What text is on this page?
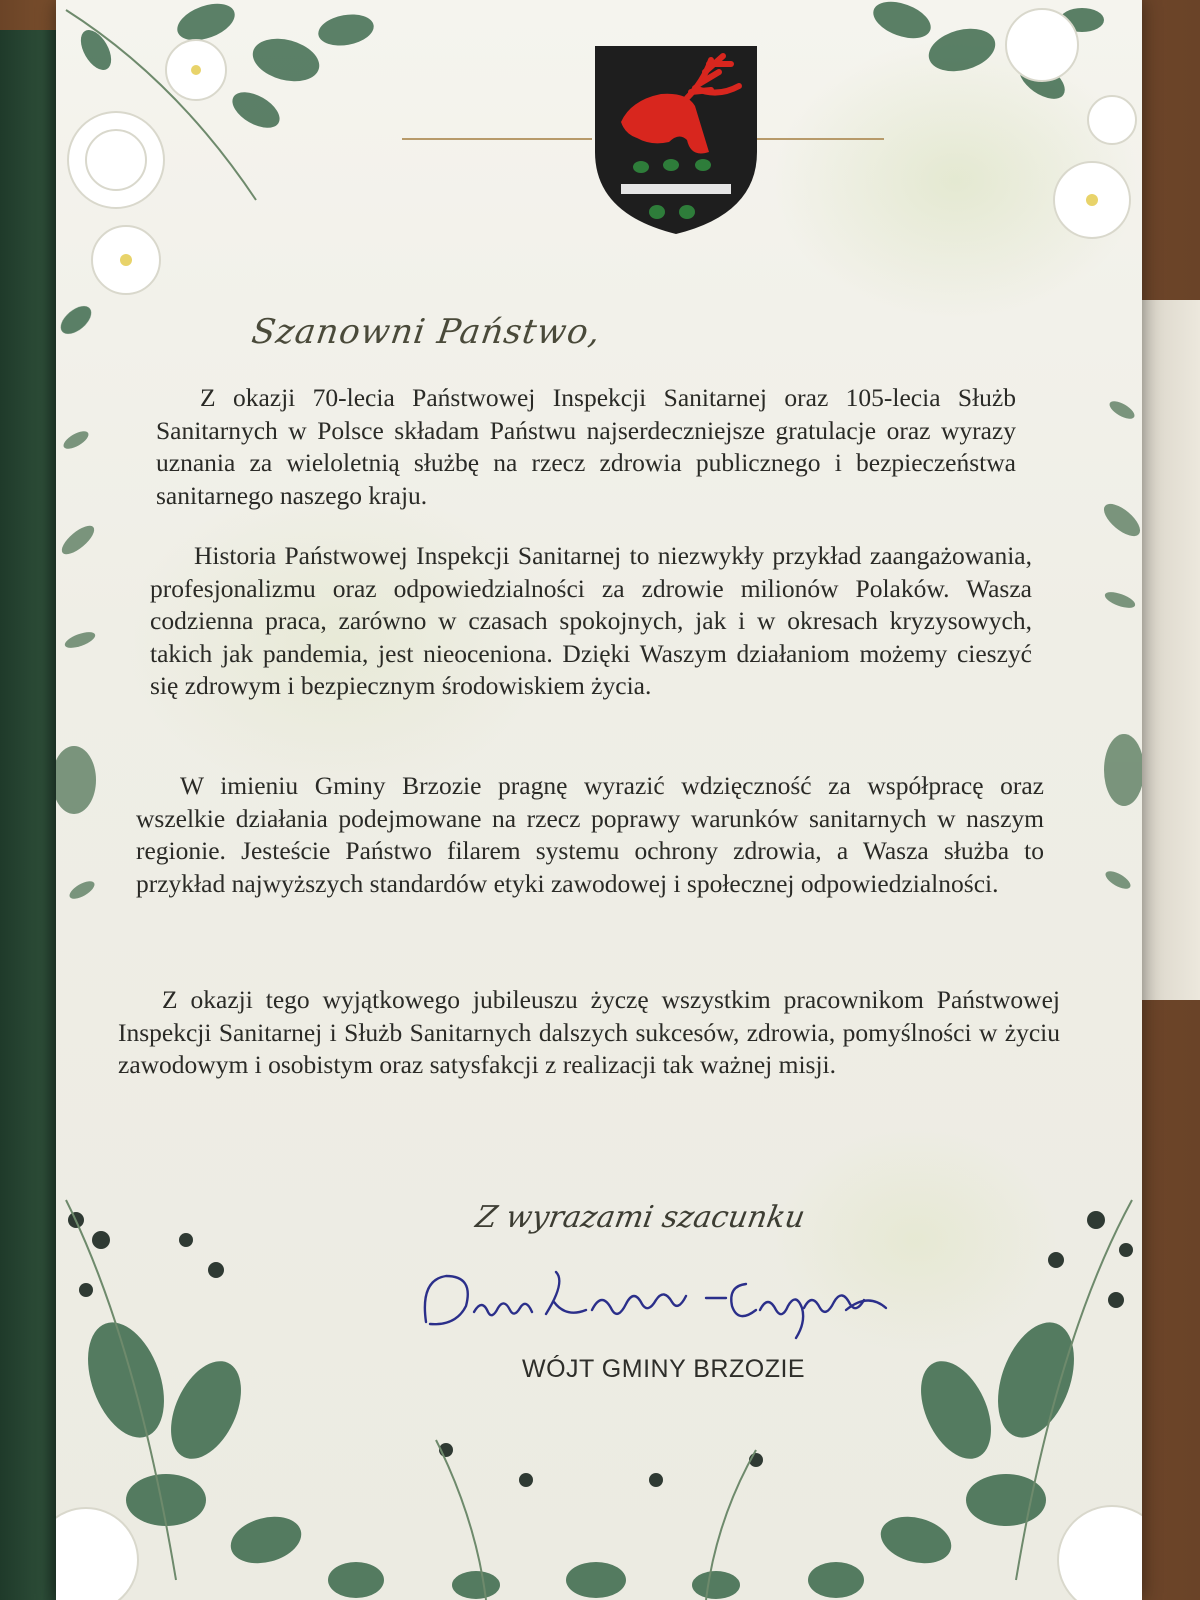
Szanowni Państwo,
Z okazji 70-lecia Państwowej Inspekcji Sanitarnej oraz 105-lecia Służb Sanitarnych w Polsce składam Państwu najserdeczniejsze gratulacje oraz wyrazy uznania za wieloletnią służbę na rzecz zdrowia publicznego i bezpieczeństwa sanitarnego naszego kraju.
Historia Państwowej Inspekcji Sanitarnej to niezwykły przykład zaangażowania, profesjonalizmu oraz odpowiedzialności za zdrowie milionów Polaków. Wasza codzienna praca, zarówno w czasach spokojnych, jak i w okresach kryzysowych, takich jak pandemia, jest nieoceniona. Dzięki Waszym działaniom możemy cieszyć się zdrowym i bezpiecznym środowiskiem życia.
W imieniu Gminy Brzozie pragnę wyrazić wdzięczność za współpracę oraz wszelkie działania podejmowane na rzecz poprawy warunków sanitarnych w naszym regionie. Jesteście Państwo filarem systemu ochrony zdrowia, a Wasza służba to przykład najwyższych standardów etyki zawodowej i społecznej odpowiedzialności.
Z okazji tego wyjątkowego jubileuszu życzę wszystkim pracownikom Państwowej Inspekcji Sanitarnej i Służb Sanitarnych dalszych sukcesów, zdrowia, pomyślności w życiu zawodowym i osobistym oraz satysfakcji z realizacji tak ważnej misji.
Z wyrazami szacunku
WÓJT GMINY BRZOZIE
